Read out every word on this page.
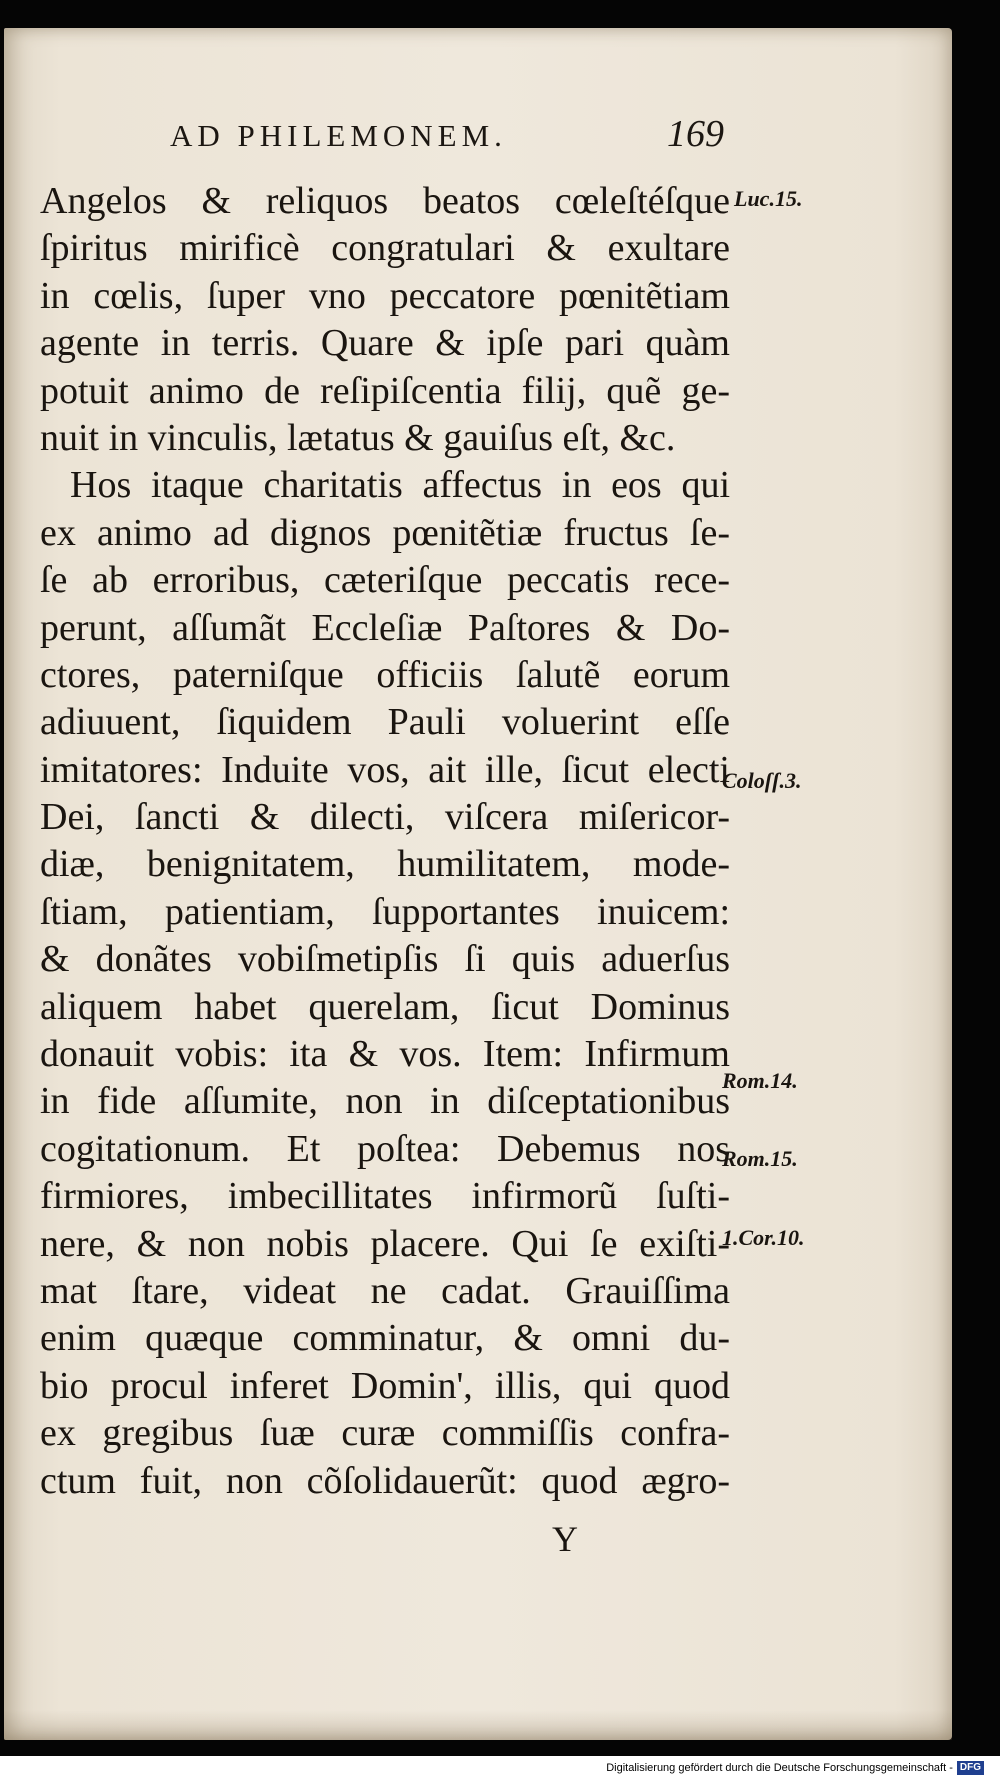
AD PHILEMONEM.	169
Angelos & reliquos beatos cœleſtéſque
ſpiritus mirificè congratulari & exultare
in cœlis, ſuper vno peccatore pœnitẽtiam
agente in terris. Quare & ipſe pari quàm
potuit animo de reſipiſcentia filij, quẽ ge-
nuit in vinculis, lætatus & gauiſus eſt, &c.
Hos itaque charitatis affectus in eos qui
ex animo ad dignos pœnitẽtiæ fructus ſe-
ſe ab erroribus, cæteriſque peccatis rece-
perunt, aſſumãt Eccleſiæ Paſtores & Do-
ctores, paterniſque officiis ſalutẽ eorum
adiuuent, ſiquidem Pauli voluerint eſſe
imitatores: Induite vos, ait ille, ſicut electi
Dei, ſancti & dilecti, viſcera miſericor-
diæ, benignitatem, humilitatem, mode-
ſtiam, patientiam, ſupportantes inuicem:
& donãtes vobiſmetipſis ſi quis aduerſus
aliquem habet querelam, ſicut Dominus
donauit vobis: ita & vos. Item: Infirmum
in fide aſſumite, non in diſceptationibus
cogitationum. Et poſtea: Debemus nos
firmiores, imbecillitates infirmorũ ſuſti-
nere, & non nobis placere. Qui ſe exiſti-
mat ſtare, videat ne cadat. Grauiſſima
enim quæque comminatur, & omni du-
bio procul inferet Domin', illis, qui quod
ex gregibus ſuæ curæ commiſſis confra-
ctum fuit, non cõſolidauerũt: quod ægro-
Luc.15.
Coloſſ.3.
Rom.14.
Rom.15.
1.Cor.10.
Y
Digitalisierung gefördert durch die Deutsche Forschungsgemeinschaft - DFG
